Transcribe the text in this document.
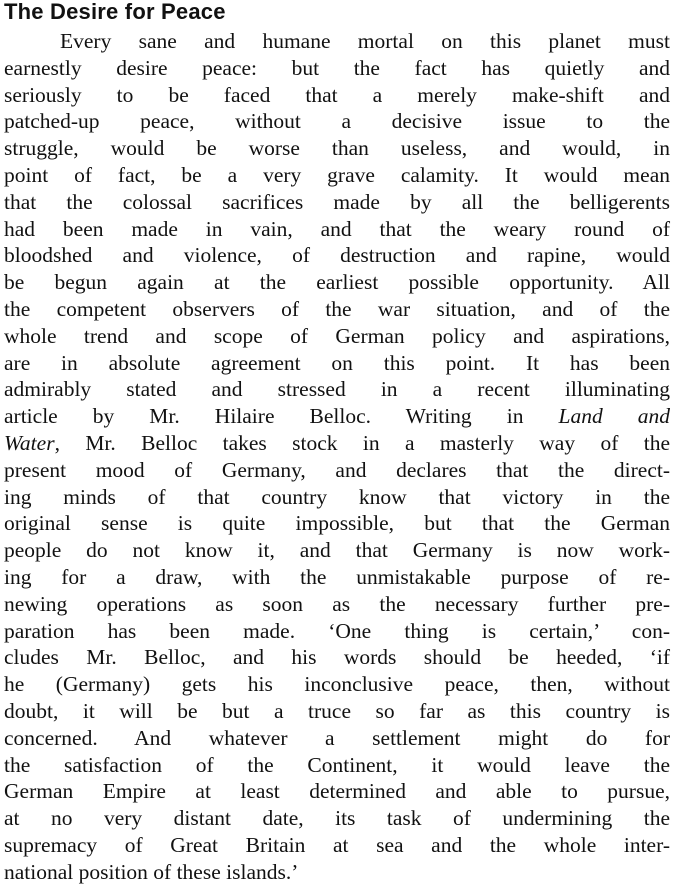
The Desire for Peace
Every sane and humane mortal on this planet must
earnestly desire peace: but the fact has quietly and
seriously to be faced that a merely make-shift and
patched-up peace, without a decisive issue to the
struggle, would be worse than useless, and would, in
point of fact, be a very grave calamity. It would mean
that the colossal sacrifices made by all the belligerents
had been made in vain, and that the weary round of
bloodshed and violence, of destruction and rapine, would
be begun again at the earliest possible opportunity. All
the competent observers of the war situation, and of the
whole trend and scope of German policy and aspirations,
are in absolute agreement on this point. It has been
admirably stated and stressed in a recent illuminating
article by Mr. Hilaire Belloc. Writing in Land and
Water, Mr. Belloc takes stock in a masterly way of the
present mood of Germany, and declares that the direct-
ing minds of that country know that victory in the
original sense is quite impossible, but that the German
people do not know it, and that Germany is now work-
ing for a draw, with the unmistakable purpose of re-
newing operations as soon as the necessary further pre-
paration has been made. ‘One thing is certain,’ con-
cludes Mr. Belloc, and his words should be heeded, ‘if
he (Germany) gets his inconclusive peace, then, without
doubt, it will be but a truce so far as this country is
concerned. And whatever a settlement might do for
the satisfaction of the Continent, it would leave the
German Empire at least determined and able to pursue,
at no very distant date, its task of undermining the
supremacy of Great Britain at sea and the whole inter-
national position of these islands.’
